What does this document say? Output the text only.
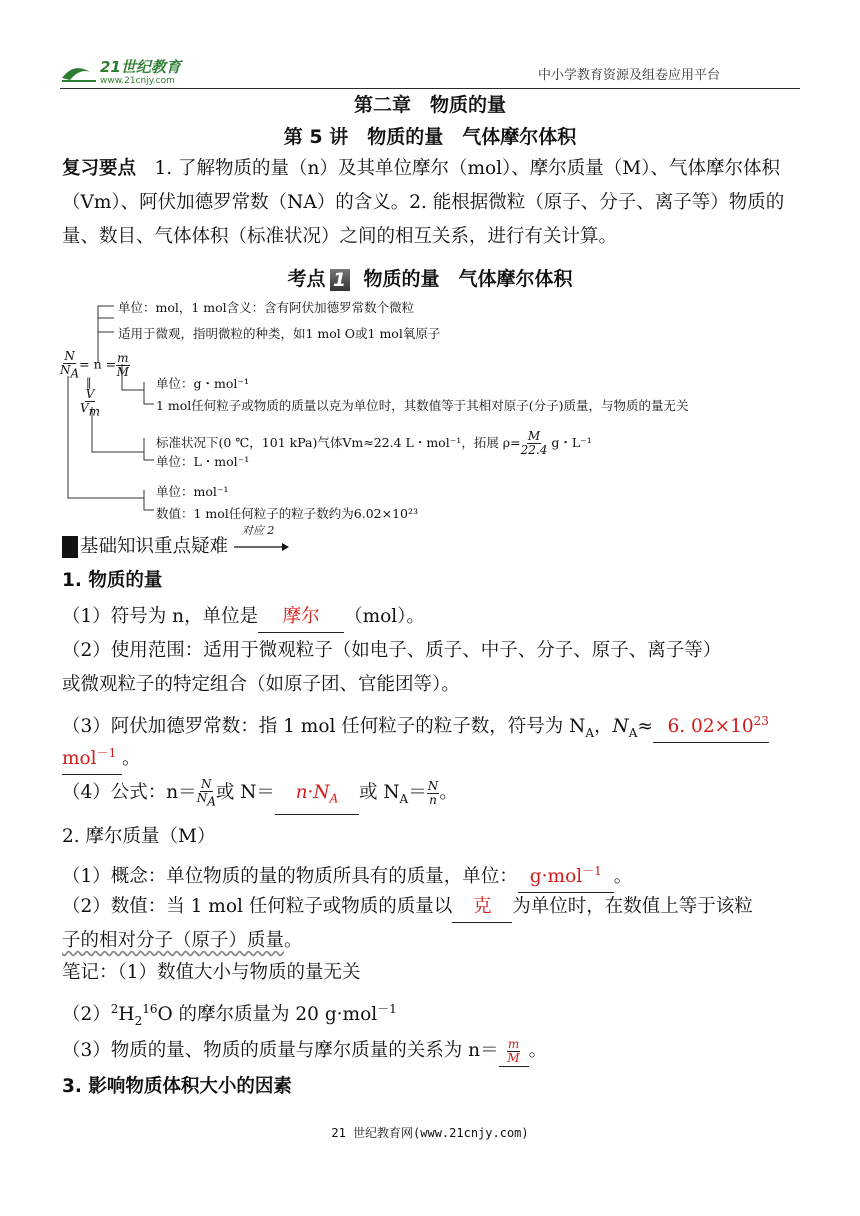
21世纪教育
www.21cnjy.com	中小学教育资源及组卷应用平台
第二章　物质的量
第 5 讲　物质的量　气体摩尔体积
复习要点　1. 了解物质的量（n）及其单位摩尔（mol）、摩尔质量（M）、气体摩尔体积（Vm）、阿伏加德罗常数（NA）的含义。2. 能根据微粒（原子、分子、离子等）物质的量、数目、气体体积（标准状况）之间的相互关系，进行有关计算。
考点 1 物质的量　气体摩尔体积
$\frac{N}{N_A} = n = \frac{m}{M}$
‖
$\frac{V}{V_m}$
单位：mol，1 mol含义：含有阿伏加德罗常数个微粒
适用于微观，指明微粒的种类，如1 mol O或1 mol氧原子
单位：g・mol⁻¹
1 mol任何粒子或物质的质量以克为单位时，其数值等于其相对原子(分子)质量，与物质的量无关
标准状况下(0 ℃，101 kPa)气体Vm≈22.4 L・mol⁻¹，拓展 $\rho= \frac{M}{22.4}$ g・L⁻¹
单位：L・mol⁻¹
单位：mol⁻¹
数值：1 mol任何粒子的粒子数约为6.02×10²³
基础知识重点疑难
对应 2
1. 物质的量
（1）符号为 n，单位是 摩尔 （mol）。
（2）使用范围：适用于微观粒子（如电子、质子、中子、分子、原子、离子等）
或微观粒子的特定组合（如原子团、官能团等）。
（3）阿伏加德罗常数：指 1 mol 任何粒子的粒子数，符号为 $N_A$，$N_A\approx 6$. $02\times 10^{23}$
mol$^{-1}$ 。
（4）公式：$n= \frac{N}{N_A}$ 或 $N= n\cdot N_A$ 或 $N_A= \frac{N}{n}$ 。
2. 摩尔质量（M）
（1）概念：单位物质的量的物质所具有的质量，单位： g·mol$^{-1}$ 。
（2）数值：当 1 mol 任何粒子或物质的质量以 克 为单位时，在数值上等于该粒
子的相对分子（原子）质量。
笔记：（1）数值大小与物质的量无关
$(2)^2H_2^{16}O$ 的摩尔质量为 20 g·mol$^{-1}$
（3）物质的量、物质的质量与摩尔质量的关系为 $n= \frac{m}{M}$ 。
3. 影响物质体积大小的因素
21 世纪教育网(www.21cnjy.com)
